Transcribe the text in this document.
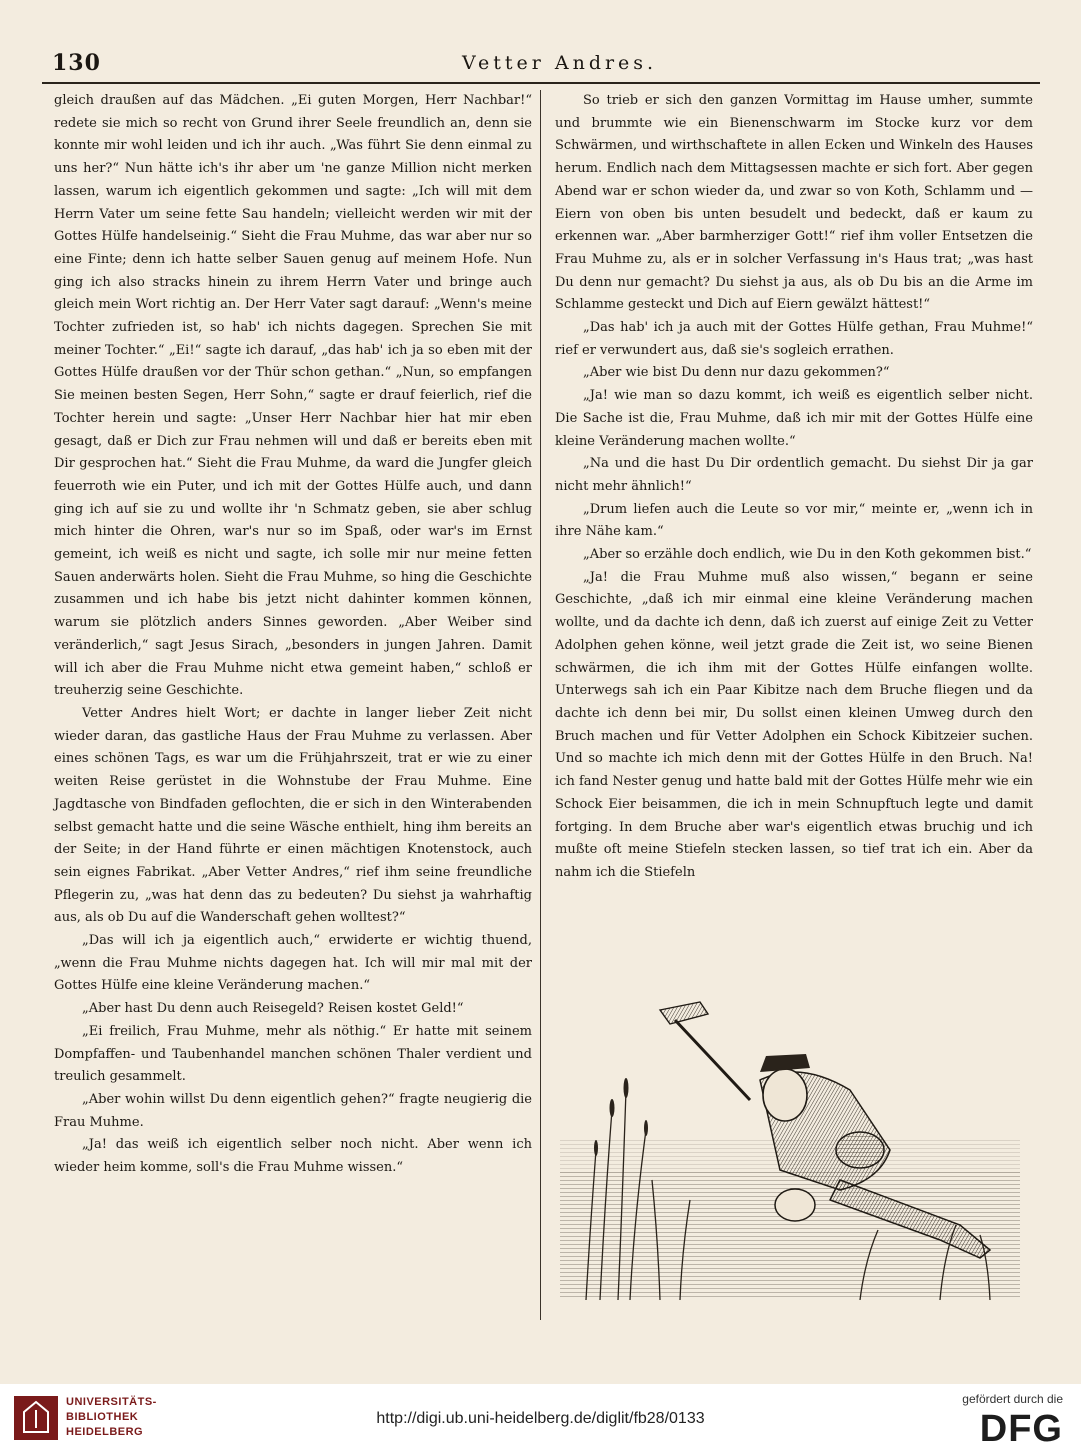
130	Vetter Andres.

gleich draußen auf das Mädchen. „Ei guten Morgen, Herr Nachbar!“ redete sie mich so recht von Grund ihrer Seele freundlich an, denn sie konnte mir wohl leiden und ich ihr auch. „Was führt Sie denn einmal zu uns her?“ Nun hätte ich's ihr aber um 'ne ganze Million nicht merken lassen, warum ich eigentlich gekommen und sagte: „Ich will mit dem Herrn Vater um seine fette Sau handeln; vielleicht werden wir mit der Gottes Hülfe handelseinig.“ Sieht die Frau Muhme, das war aber nur so eine Finte; denn ich hatte selber Sauen genug auf meinem Hofe. Nun ging ich also stracks hinein zu ihrem Herrn Vater und bringe auch gleich mein Wort richtig an. Der Herr Vater sagt darauf: „Wenn's meine Tochter zufrieden ist, so hab' ich nichts dagegen. Sprechen Sie mit meiner Tochter.“ „Ei!“ sagte ich darauf, „das hab' ich ja so eben mit der Gottes Hülfe draußen vor der Thür schon gethan.“ „Nun, so empfangen Sie meinen besten Segen, Herr Sohn,“ sagte er drauf feierlich, rief die Tochter herein und sagte: „Unser Herr Nachbar hier hat mir eben gesagt, daß er Dich zur Frau nehmen will und daß er bereits eben mit Dir gesprochen hat.“ Sieht die Frau Muhme, da ward die Jungfer gleich feuerroth wie ein Puter, und ich mit der Gottes Hülfe auch, und dann ging ich auf sie zu und wollte ihr 'n Schmatz geben, sie aber schlug mich hinter die Ohren, war's nur so im Spaß, oder war's im Ernst gemeint, ich weiß es nicht und sagte, ich solle mir nur meine fetten Sauen anderwärts holen. Sieht die Frau Muhme, so hing die Geschichte zusammen und ich habe bis jetzt nicht dahinter kommen können, warum sie plötzlich anders Sinnes geworden. „Aber Weiber sind veränderlich,“ sagt Jesus Sirach, „besonders in jungen Jahren. Damit will ich aber die Frau Muhme nicht etwa gemeint haben,“ schloß er treuherzig seine Geschichte.

Vetter Andres hielt Wort; er dachte in langer lieber Zeit nicht wieder daran, das gastliche Haus der Frau Muhme zu verlassen. Aber eines schönen Tags, es war um die Frühjahrszeit, trat er wie zu einer weiten Reise gerüstet in die Wohnstube der Frau Muhme. Eine Jagdtasche von Bindfaden geflochten, die er sich in den Winterabenden selbst gemacht hatte und die seine Wäsche enthielt, hing ihm bereits an der Seite; in der Hand führte er einen mächtigen Knotenstock, auch sein eignes Fabrikat. „Aber Vetter Andres,“ rief ihm seine freundliche Pflegerin zu, „was hat denn das zu bedeuten? Du siehst ja wahrhaftig aus, als ob Du auf die Wanderschaft gehen wolltest?“

„Das will ich ja eigentlich auch,“ erwiderte er wichtig thuend, „wenn die Frau Muhme nichts dagegen hat. Ich will mir mal mit der Gottes Hülfe eine kleine Veränderung machen.“

„Aber hast Du denn auch Reisegeld? Reisen kostet Geld!“

„Ei freilich, Frau Muhme, mehr als nöthig.“ Er hatte mit seinem Dompfaffen- und Taubenhandel manchen schönen Thaler verdient und treulich gesammelt.

„Aber wohin willst Du denn eigentlich gehen?“ fragte neugierig die Frau Muhme.

„Ja! das weiß ich eigentlich selber noch nicht. Aber wenn ich wieder heim komme, soll's die Frau Muhme wissen.“

So trieb er sich den ganzen Vormittag im Hause umher, summte und brummte wie ein Bienenschwarm im Stocke kurz vor dem Schwärmen, und wirthschaftete in allen Ecken und Winkeln des Hauses herum. Endlich nach dem Mittagsessen machte er sich fort. Aber gegen Abend war er schon wieder da, und zwar so von Koth, Schlamm und — Eiern von oben bis unten besudelt und bedeckt, daß er kaum zu erkennen war. „Aber barmherziger Gott!“ rief ihm voller Entsetzen die Frau Muhme zu, als er in solcher Verfassung in's Haus trat; „was hast Du denn nur gemacht? Du siehst ja aus, als ob Du bis an die Arme im Schlamme gesteckt und Dich auf Eiern gewälzt hättest!“

„Das hab' ich ja auch mit der Gottes Hülfe gethan, Frau Muhme!“ rief er verwundert aus, daß sie's sogleich errathen.

„Aber wie bist Du denn nur dazu gekommen?“

„Ja! wie man so dazu kommt, ich weiß es eigentlich selber nicht. Die Sache ist die, Frau Muhme, daß ich mir mit der Gottes Hülfe eine kleine Veränderung machen wollte.“

„Na und die hast Du Dir ordentlich gemacht. Du siehst Dir ja gar nicht mehr ähnlich!“

„Drum liefen auch die Leute so vor mir,“ meinte er, „wenn ich in ihre Nähe kam.“

„Aber so erzähle doch endlich, wie Du in den Koth gekommen bist.“

„Ja! die Frau Muhme muß also wissen,“ begann er seine Geschichte, „daß ich mir einmal eine kleine Veränderung machen wollte, und da dachte ich denn, daß ich zuerst auf einige Zeit zu Vetter Adolphen gehen könne, weil jetzt grade die Zeit ist, wo seine Bienen schwärmen, die ich ihm mit der Gottes Hülfe einfangen wollte. Unterwegs sah ich ein Paar Kibitze nach dem Bruche fliegen und da dachte ich denn bei mir, Du sollst einen kleinen Umweg durch den Bruch machen und für Vetter Adolphen ein Schock Kibitzeier suchen. Und so machte ich mich denn mit der Gottes Hülfe in den Bruch. Na! ich fand Nester genug und hatte bald mit der Gottes Hülfe mehr wie ein Schock Eier beisammen, die ich in mein Schnupftuch legte und damit fortging. In dem Bruche aber war's eigentlich etwas bruchig und ich mußte oft meine Stiefeln stecken lassen, so tief trat ich ein. Aber da nahm ich die Stiefeln

UNIVERSITÄTS-
BIBLIOTHEK
HEIDELBERG
http://digi.ub.uni-heidelberg.de/diglit/fb28/0133
gefördert durch die
DFG
